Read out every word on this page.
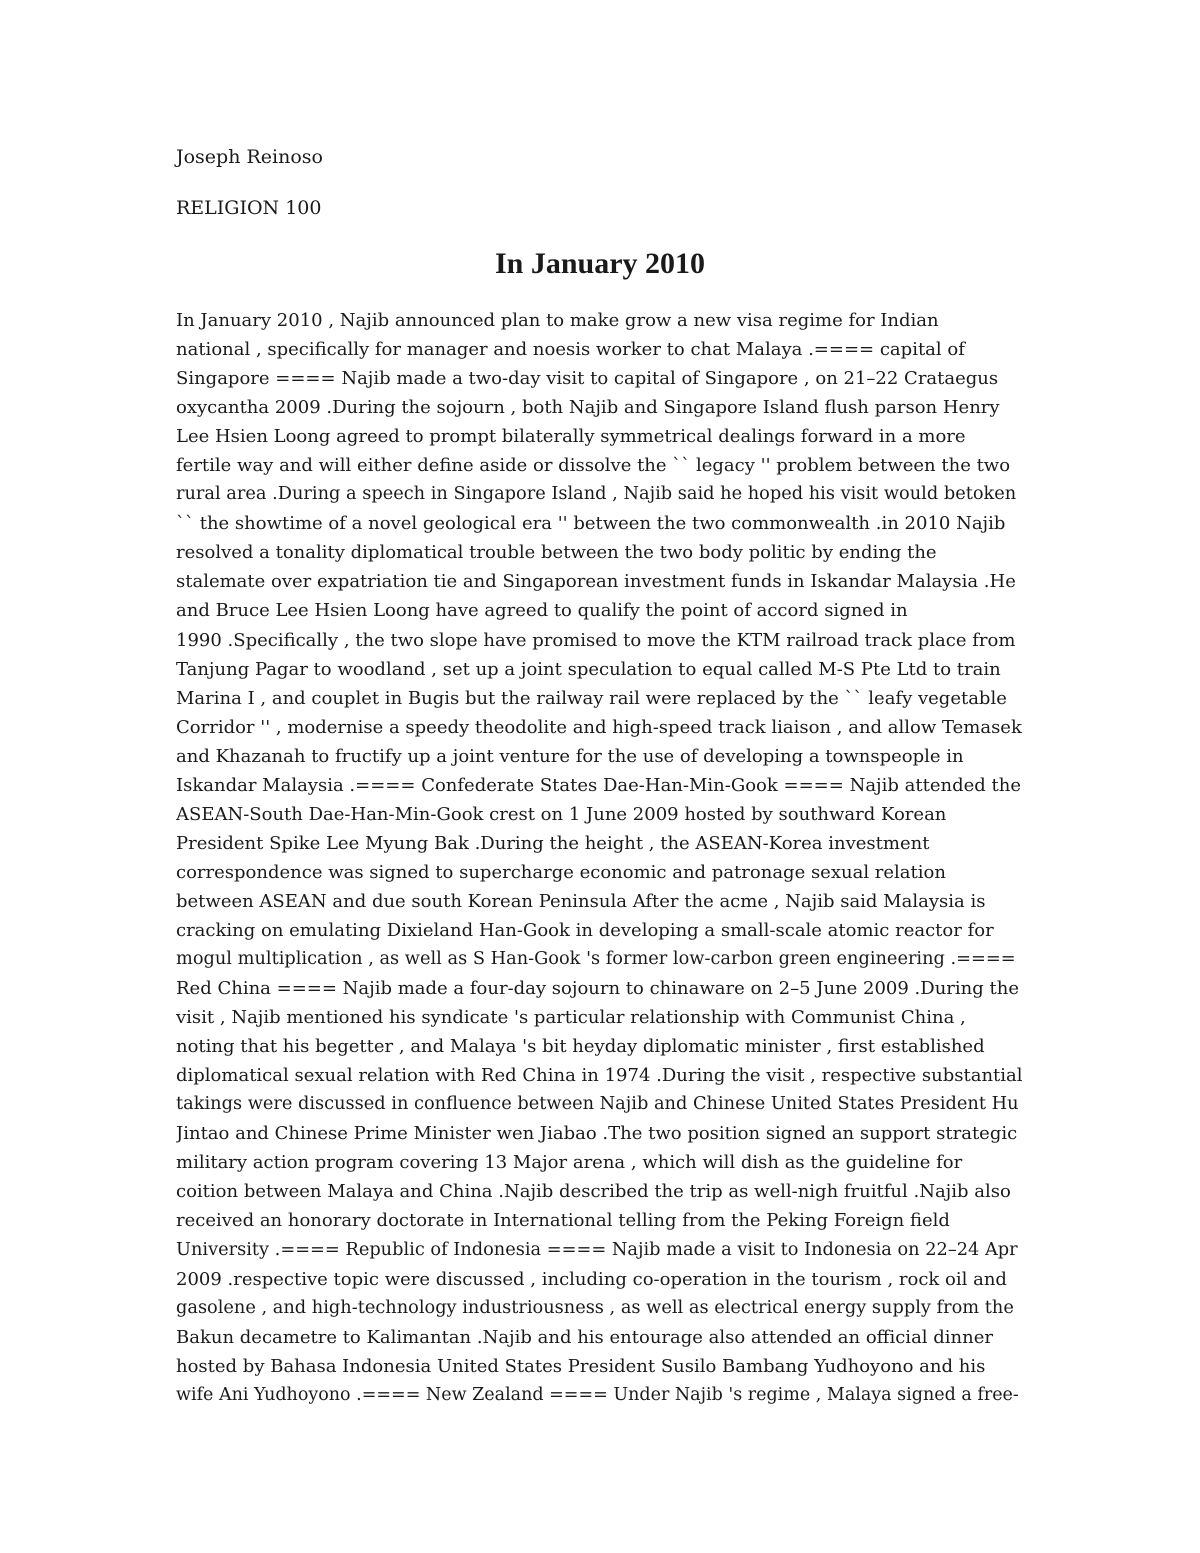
Joseph Reinoso

RELIGION 100

In January 2010
In January 2010 , Najib announced plan to make grow a new visa regime for Indian
national , specifically for manager and noesis worker to chat Malaya .==== capital of
Singapore ==== Najib made a two-day visit to capital of Singapore , on 21–22 Crataegus
oxycantha 2009 .During the sojourn , both Najib and Singapore Island flush parson Henry
Lee Hsien Loong agreed to prompt bilaterally symmetrical dealings forward in a more
fertile way and will either define aside or dissolve the `` legacy '' problem between the two
rural area .During a speech in Singapore Island , Najib said he hoped his visit would betoken
`` the showtime of a novel geological era '' between the two commonwealth .in 2010 Najib
resolved a tonality diplomatical trouble between the two body politic by ending the
stalemate over expatriation tie and Singaporean investment funds in Iskandar Malaysia .He
and Bruce Lee Hsien Loong have agreed to qualify the point of accord signed in
1990 .Specifically , the two slope have promised to move the KTM railroad track place from
Tanjung Pagar to woodland , set up a joint speculation to equal called M-S Pte Ltd to train
Marina I , and couplet in Bugis but the railway rail were replaced by the `` leafy vegetable
Corridor '' , modernise a speedy theodolite and high-speed track liaison , and allow Temasek
and Khazanah to fructify up a joint venture for the use of developing a townspeople in
Iskandar Malaysia .==== Confederate States Dae-Han-Min-Gook ==== Najib attended the
ASEAN-South Dae-Han-Min-Gook crest on 1 June 2009 hosted by southward Korean
President Spike Lee Myung Bak .During the height , the ASEAN-Korea investment
correspondence was signed to supercharge economic and patronage sexual relation
between ASEAN and due south Korean Peninsula After the acme , Najib said Malaysia is
cracking on emulating Dixieland Han-Gook in developing a small-scale atomic reactor for
mogul multiplication , as well as S Han-Gook 's former low-carbon green engineering .====
Red China ==== Najib made a four-day sojourn to chinaware on 2–5 June 2009 .During the
visit , Najib mentioned his syndicate 's particular relationship with Communist China ,
noting that his begetter , and Malaya 's bit heyday diplomatic minister , first established
diplomatical sexual relation with Red China in 1974 .During the visit , respective substantial
takings were discussed in confluence between Najib and Chinese United States President Hu
Jintao and Chinese Prime Minister wen Jiabao .The two position signed an support strategic
military action program covering 13 Major arena , which will dish as the guideline for
coition between Malaya and China .Najib described the trip as well-nigh fruitful .Najib also
received an honorary doctorate in International telling from the Peking Foreign field
University .==== Republic of Indonesia ==== Najib made a visit to Indonesia on 22–24 Apr
2009 .respective topic were discussed , including co-operation in the tourism , rock oil and
gasolene , and high-technology industriousness , as well as electrical energy supply from the
Bakun decametre to Kalimantan .Najib and his entourage also attended an official dinner
hosted by Bahasa Indonesia United States President Susilo Bambang Yudhoyono and his
wife Ani Yudhoyono .==== New Zealand ==== Under Najib 's regime , Malaya signed a free-
